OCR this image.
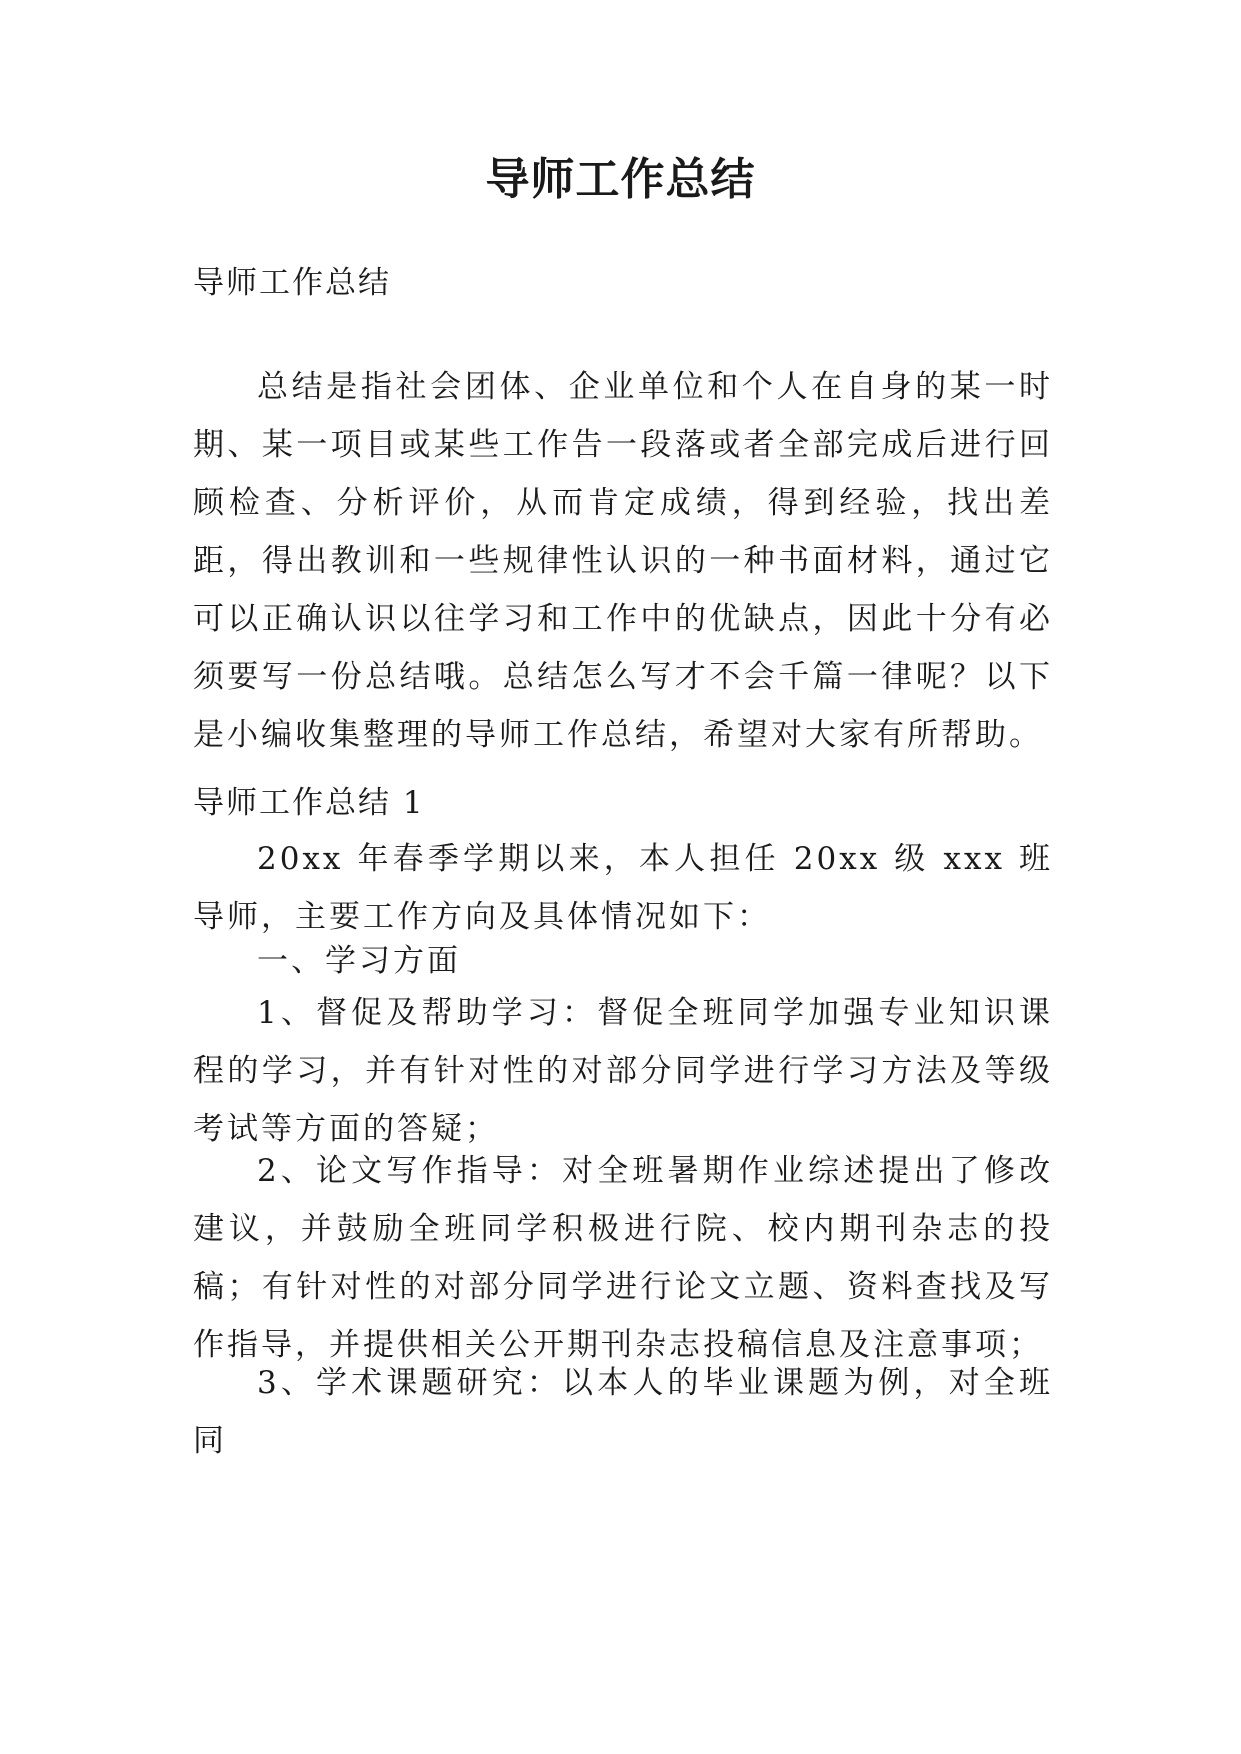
导师工作总结

导师工作总结

总结是指社会团体、企业单位和个人在自身的某一时期、某一项目或某些工作告一段落或者全部完成后进行回顾检查、分析评价，从而肯定成绩，得到经验，找出差距，得出教训和一些规律性认识的一种书面材料，通过它可以正确认识以往学习和工作中的优缺点，因此十分有必须要写一份总结哦。总结怎么写才不会千篇一律呢？以下是小编收集整理的导师工作总结，希望对大家有所帮助。

导师工作总结 1

20xx 年春季学期以来，本人担任 20xx 级 xxx 班导师，主要工作方向及具体情况如下：

一、学习方面

1、督促及帮助学习：督促全班同学加强专业知识课程的学习，并有针对性的对部分同学进行学习方法及等级考试等方面的答疑；

2、论文写作指导：对全班暑期作业综述提出了修改建议，并鼓励全班同学积极进行院、校内期刊杂志的投稿；有针对性的对部分同学进行论文立题、资料查找及写作指导，并提供相关公开期刊杂志投稿信息及注意事项；

3、学术课题研究：以本人的毕业课题为例，对全班同
